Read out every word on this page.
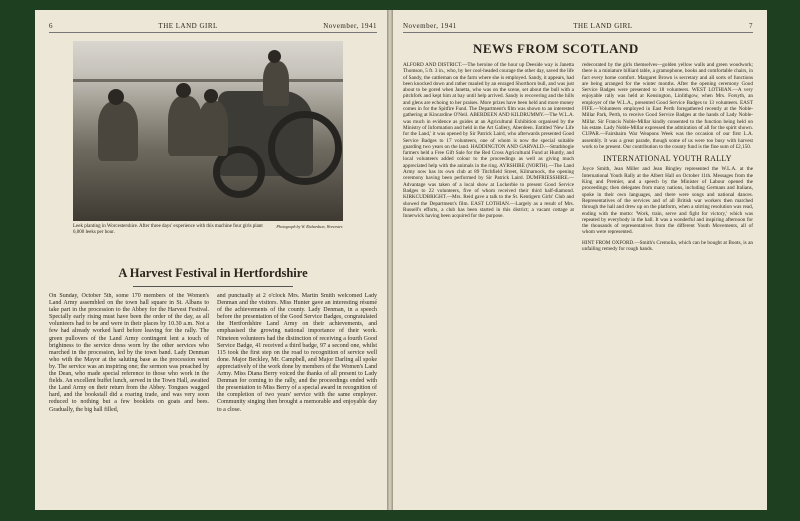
6	THE LAND GIRL	November, 1941
Leek planting in Worcestershire. After three days' experience with this machine four girls plant 6,000 leeks per hour.
Photograph by W. Richardson, Worcester.
A Harvest Festival in Hertfordshire
On Sunday, October 5th, some 170 members of the Women's Land Army assembled on the town hall square in St. Albans to take part in the procession to the Abbey for the Harvest Festival. Specially early rising must have been the order of the day, as all volunteers had to be and were in their places by 10.30 a.m. Not a few had already worked hard before leaving for the rally. The green pullovers of the Land Army contingent lent a touch of brightness to the service dress worn by the other services who marched in the procession, led by the town band. Lady Denman who with the Mayor at the saluting base as the procession went by. The service was an inspiring one; the sermon was preached by the Dean, who made special reference to those who work in the fields. An excellent buffet lunch, served in the Town Hall, awaited the Land Army on their return from the Abbey. Tongues wagged hard, and the bookstall did a roaring trade, and was very soon reduced to nothing but a few booklets on goats and bees. Gradually, the big hall filled,
and punctually at 2 o'clock Mrs. Martin Smith welcomed Lady Denman and the visitors. Miss Hunter gave an interesting résumé of the achievements of the county. Lady Denman, in a speech before the presentation of the Good Service Badges, congratulated the Hertfordshire Land Army on their achievements, and emphasised the growing national importance of their work. Nineteen volunteers had the distinction of receiving a fourth Good Service Badge, 41 received a third badge, 97 a second one, whilst 115 took the first step on the road to recognition of service well done. Major Beckley, Mr. Campbell, and Major Darling all spoke appreciatively of the work done by members of the Women's Land Army. Miss Diana Berry voiced the thanks of all present to Lady Denman for coming to the rally, and the proceedings ended with the presentation to Miss Berry of a special award in recognition of the completion of two years' service with the same employer. Community singing then brought a memorable and enjoyable day to a close.
November, 1941	THE LAND GIRL	7
NEWS FROM SCOTLAND

ALFORD AND DISTRICT.—The heroine of the hour up Deeside way is Janetta Thomson, 5 ft. 3 in., who, by her cool-headed courage the other day, saved the life of Sandy, the cattleman on the farm where she is employed. Sandy, it appears, had been knocked down and rather mauled by an enraged Shorthorn bull, and was just about to be gored when Janetta, who was on the scene, set about the bull with a pitchfork and kept him at bay until help arrived. Sandy is recovering and the hills and glens are echoing to her praises. More prizes have been held and more money comes in for the Spitfire Fund. The Department's film was shown to an interested gathering at Kincardine O'Neil. ABERDEEN AND KILDRUMMY.—The W.L.A. was much in evidence as guides at an Agricultural Exhibition organised by the Ministry of Information and held in the Art Gallery, Aberdeen. Entitled 'New Life for the Land,' it was opened by Sir Patrick Laird, who afterwards presented Good Service Badges to 17 volunteers, one of whom is now the special suitable guarding two years on the land. HADDINGTON AND GARVALD.—Strathbogie farmers held a Free Gift Sale for the Red Cross Agricultural Fund at Huntly, and local volunteers added colour to the proceedings as well as giving much appreciated help with the animals in the ring. AYRSHIRE (NORTH).—The Land Army now has its own club at 89 Titchfield Street, Kilmarnock, the opening ceremony having been performed by Sir Patrick Laird. DUMFRIESSHIRE.—Advantage was taken of a local show at Lockerbie to present Good Service Badges to 22 volunteers, five of whom received their third half-diamond. KIRKCUDBRIGHT.—Mrs. Reid gave a talk to the St. Kentigern Girls' Club and showed the Department's film. EAST LOTHIAN.—Largely as a result of Mrs. Russell's efforts, a club has been started in this district; a vacant cottage at Innerwick having been acquired for the purpose.

redecorated by the girls themselves—golden yellow walls and green woodwork; there is a miniature billiard table, a gramophone, books and comfortable chairs, in fact every home comfort. Margaret Brown is secretary and all sorts of functions are being arranged for the winter months. After the opening ceremony Good Service Badges were presented to 18 volunteers. WEST LOTHIAN.—A very enjoyable rally was held at Kensington, Linlithgow, when Mrs. Forsyth, an employer of the W.L.A., presented Good Service Badges to 13 volunteers. EAST FIFE.—Volunteers employed in East Perth foregathered recently at the Noble-Millar Park, Perth, to receive Good Service Badges at the hands of Lady Noble-Millar. Sir Francis Noble-Millar kindly consented to the function being held on his estate. Lady Noble-Millar expressed the admiration of all for the spirit shown. CUPAR.—Fairsbairn War Weapons Week was the occasion of our first L.A. assembly. It was a great parade, though some of us were too busy with harvest work to be present. Our contribution to the county fund is the fine sum of £2,150.

INTERNATIONAL YOUTH RALLY

Joyce Smith, Jean Miller and Jean Bingley represented the W.L.A. at the International Youth Rally at the Albert Hall on October 11th. Messages from the King and Premier, and a speech by the Minister of Labour opened the proceedings; then delegates from many nations, including Germans and Italians, spoke in their own languages, and there were songs and national dances. Representatives of the services and of all British war workers then marched through the hall and drew up on the platform, when a stirring resolution was read, ending with the motto: 'Work, train, serve and fight for victory,' which was repeated by everybody in the hall. It was a wonderful and inspiring afternoon for the thousands of representatives from the different Youth Movements, all of whom were represented.

HINT FROM OXFORD.—Smith's Cremolia, which can be bought at Boots, is an unfailing remedy for rough hands.
